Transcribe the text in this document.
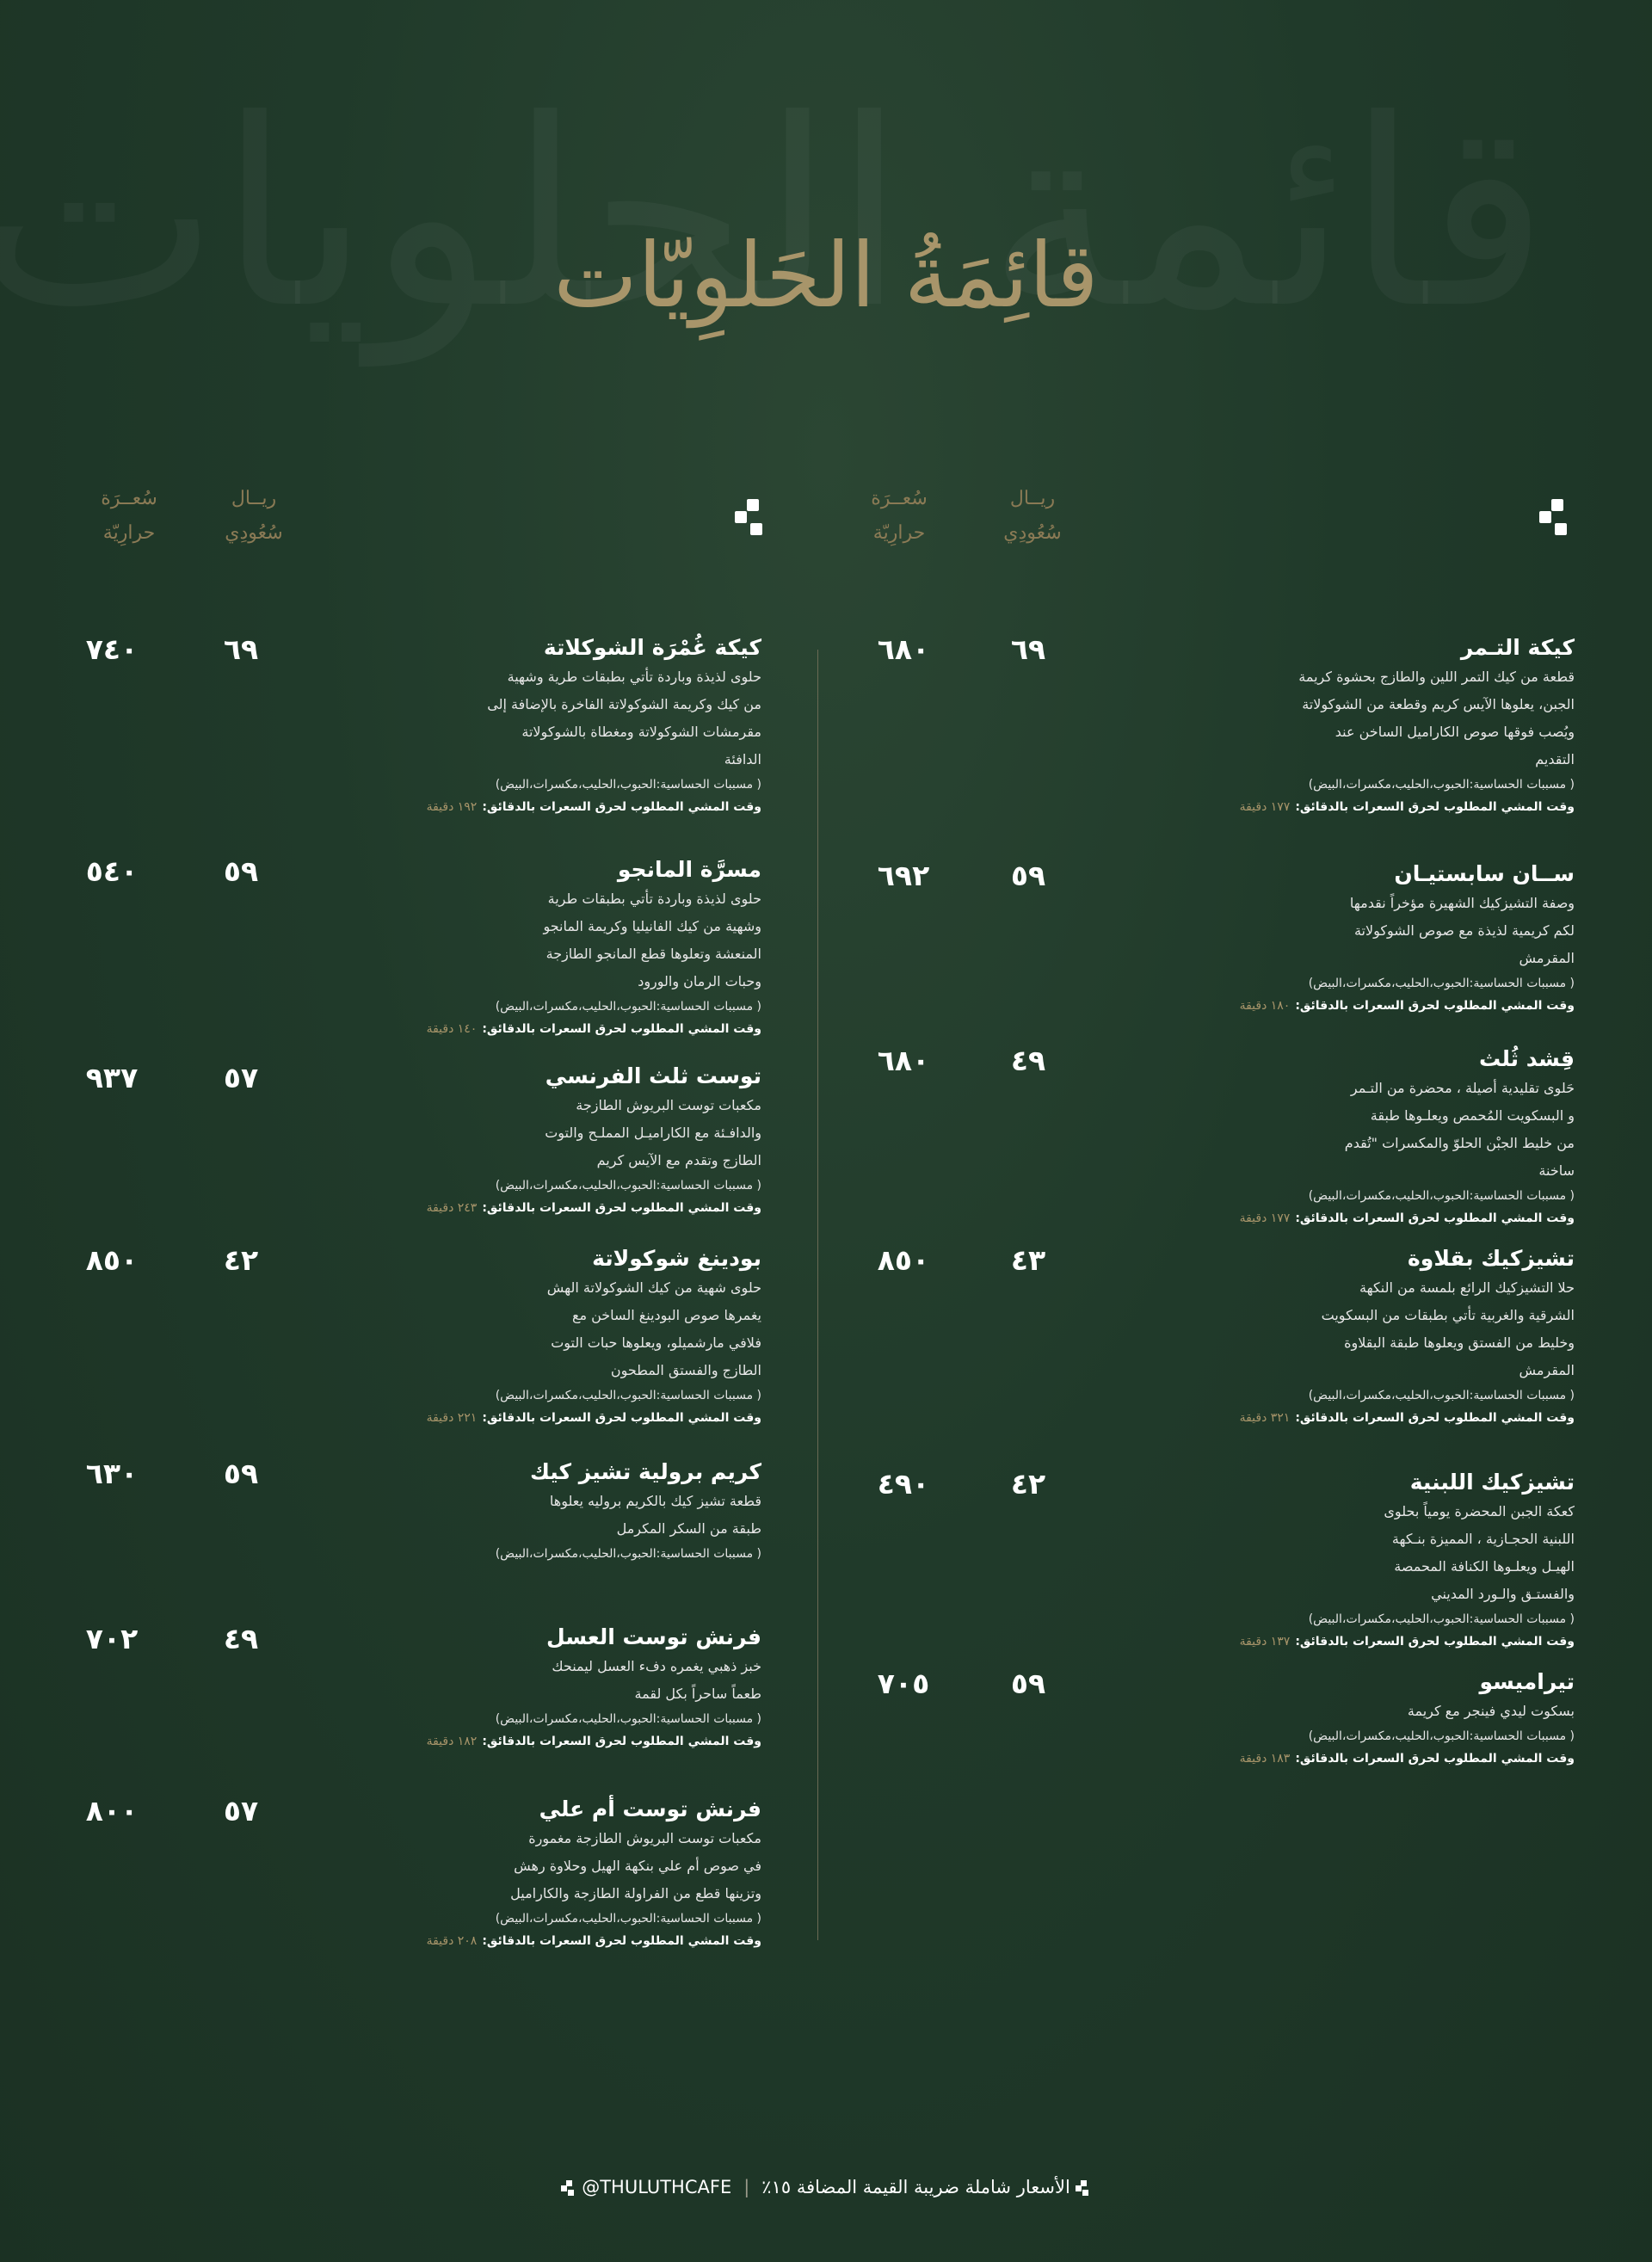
قائِمَةُ الحَلوِيّات
ريــال سُعُودِي
سُعــرَة حرارِيّة
ريــال سُعُودِي
سُعــرَة حرارِيّة
كيكة التـمر
قطعة من كيك التمر اللين والطازج بحشوة كريمة
الجبن، يعلوها الآيس كريم وقطعة من الشوكولاتة
ويُصب فوقها صوص الكاراميل الساخن عند
التقديم
( مسببات الحساسية:الحبوب،الحليب،مكسرات،البيض)
وقت المشي المطلوب لحرق السعرات بالدقائق:١٧٧ دقيقة
٦٩
٦٨٠
ســان سابستيـان
وصفة التشيزكيك الشهيرة مؤخراً نقدمها
لكم كريمية لذيذة مع صوص الشوكولاتة
المقرمش
( مسببات الحساسية:الحبوب،الحليب،مكسرات،البيض)
وقت المشي المطلوب لحرق السعرات بالدقائق:١٨٠ دقيقة
٥٩
٦٩٢
قِشد ثُلث
حَلوى تقليدية أصيلة ، محضرة من التـمر
و البسكويت المُحمص ويعلـوها طبقة
من خليط الجبْن الحلوّ والمكسرات "تُقدم
ساخنة
( مسببات الحساسية:الحبوب،الحليب،مكسرات،البيض)
وقت المشي المطلوب لحرق السعرات بالدقائق:١٧٧ دقيقة
٤٩
٦٨٠
تشيزكيك بقلاوة
حلا التشيزكيك الرائع بلمسة من النكهة
الشرقية والغربية تأتي بطبقات من البسكويت
وخليط من الفستق ويعلوها طبقة البقلاوة
المقرمش
( مسببات الحساسية:الحبوب،الحليب،مكسرات،البيض)
وقت المشي المطلوب لحرق السعرات بالدقائق:٣٢١ دقيقة
٤٣
٨٥٠
تشيزكيك اللبنية
كعكة الجبن المحضرة يومياً بحلوى
اللبنية الحجـازية ، المميزة بنـكهة
الهيـل ويعلـوها الكنافة المحمصة
والفستـق والـورد المديني
( مسببات الحساسية:الحبوب،الحليب،مكسرات،البيض)
وقت المشي المطلوب لحرق السعرات بالدقائق:١٣٧ دقيقة
٤٢
٤٩٠
تيراميسو
بسكوت ليدي فينجر مع كريمة
( مسببات الحساسية:الحبوب،الحليب،مكسرات،البيض)
وقت المشي المطلوب لحرق السعرات بالدقائق:١٨٣ دقيقة
٥٩
٧٠٥
كيكة غُمْرَة الشوكلاتة
حلوى لذيذة وباردة تأتي بطبقات طرية وشهية
من كيك وكريمة الشوكولاتة الفاخرة بالإضافة إلى
مقرمشات الشوكولاتة ومغطاة بالشوكولاتة
الدافئة
( مسببات الحساسية:الحبوب،الحليب،مكسرات،البيض)
وقت المشي المطلوب لحرق السعرات بالدقائق:١٩٢ دقيقة
٦٩
٧٤٠
مسرَّة المانجو
حلوى لذيذة وباردة تأتي بطبقات طرية
وشهية من كيك الفانيليا وكريمة المانجو
المنعشة وتعلوها قطع المانجو الطازجة
وحبات الرمان والورود
( مسببات الحساسية:الحبوب،الحليب،مكسرات،البيض)
وقت المشي المطلوب لحرق السعرات بالدقائق:١٤٠ دقيقة
٥٩
٥٤٠
توست ثلث الفرنسي
مكعبات توست البريوش الطازجة
والدافـئة مع الكاراميـل المملـح والتوت
الطازج وتقدم مع الآيس كريم
( مسببات الحساسية:الحبوب،الحليب،مكسرات،البيض)
وقت المشي المطلوب لحرق السعرات بالدقائق:٢٤٣ دقيقة
٥٧
٩٣٧
بودينغ شوكولاتة
حلوى شهية من كيك الشوكولاتة الهش
يغمرها صوص البودينغ الساخن مع
فلافي مارشميلو، ويعلوها حبات التوت
الطازج والفستق المطحون
( مسببات الحساسية:الحبوب،الحليب،مكسرات،البيض)
وقت المشي المطلوب لحرق السعرات بالدقائق:٢٢١ دقيقة
٤٢
٨٥٠
كريم برولية تشيز كيك
قطعة تشيز كيك بالكريم بروليه يعلوها
طبقة من السكر المكرمل
( مسببات الحساسية:الحبوب،الحليب،مكسرات،البيض)
٥٩
٦٣٠
فرنش توست العسل
خبز ذهبي يغمره دفء العسل ليمنحك
طعماً ساحراً بكل لقمة
( مسببات الحساسية:الحبوب،الحليب،مكسرات،البيض)
وقت المشي المطلوب لحرق السعرات بالدقائق:١٨٢ دقيقة
٤٩
٧٠٢
فرنش توست أم علي
مكعبات توست البريوش الطازجة مغمورة
في صوص أم علي بنكهة الهيل وحلاوة رهش
وتزينها قطع من الفراولة الطازجة والكاراميل
( مسببات الحساسية:الحبوب،الحليب،مكسرات،البيض)
وقت المشي المطلوب لحرق السعرات بالدقائق:٢٠٨ دقيقة
٥٧
٨٠٠
الأسعار شاملة ضريبة القيمة المضافة ١٥٪|@THULUTHCAFE
